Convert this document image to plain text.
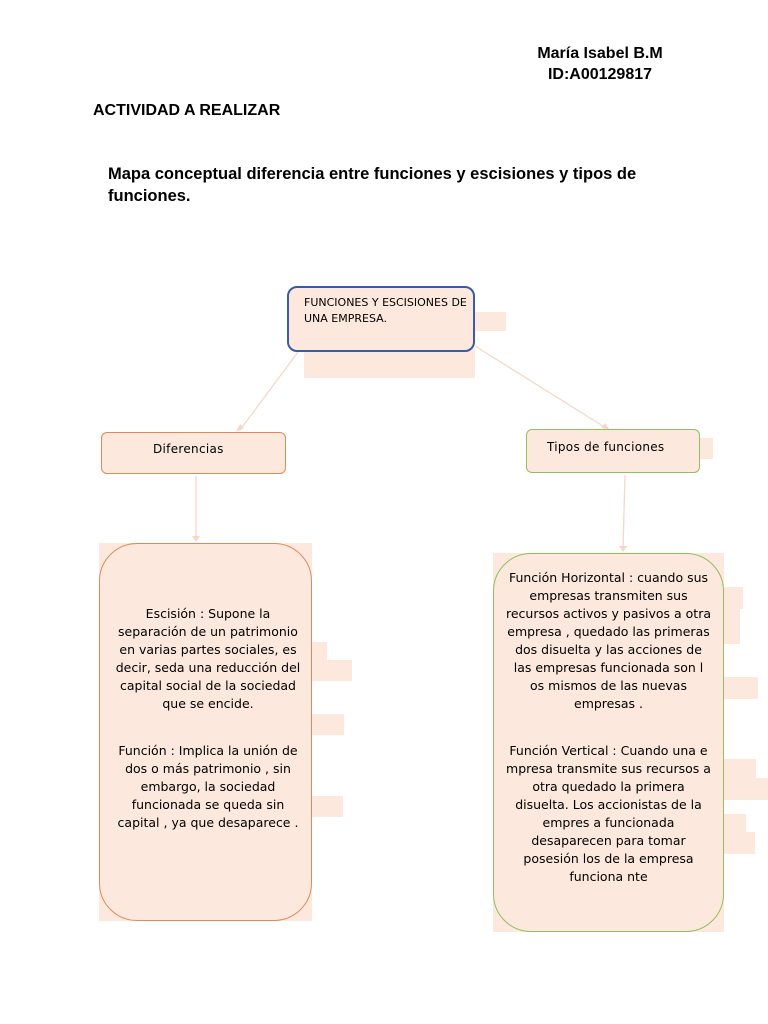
María Isabel B.M
ID:A00129817
ACTIVIDAD A REALIZAR
Mapa conceptual diferencia entre funciones y escisiones y tipos de funciones.
FUNCIONES Y ESCISIONES DE UNA EMPRESA.
Diferencias	Tipos de funciones
Escisión : Supone la separación de un patrimonio en varias partes sociales, es decir, seda una reducción del capital social de la sociedad que se encide.
Función : Implica la unión de dos o más patrimonio , sin embargo, la sociedad funcionada se queda sin capital , ya que desaparece .
Función Horizontal : cuando sus empresas transmiten sus recursos activos y pasivos a otra empresa , quedado las primeras dos disuelta y las acciones de las empresas funcionada son l os mismos de las nuevas empresas .
Función Vertical : Cuando una e mpresa transmite sus recursos a otra quedado la primera disuelta. Los accionistas de la empres a funcionada desaparecen para tomar posesión los de la empresa funciona nte
